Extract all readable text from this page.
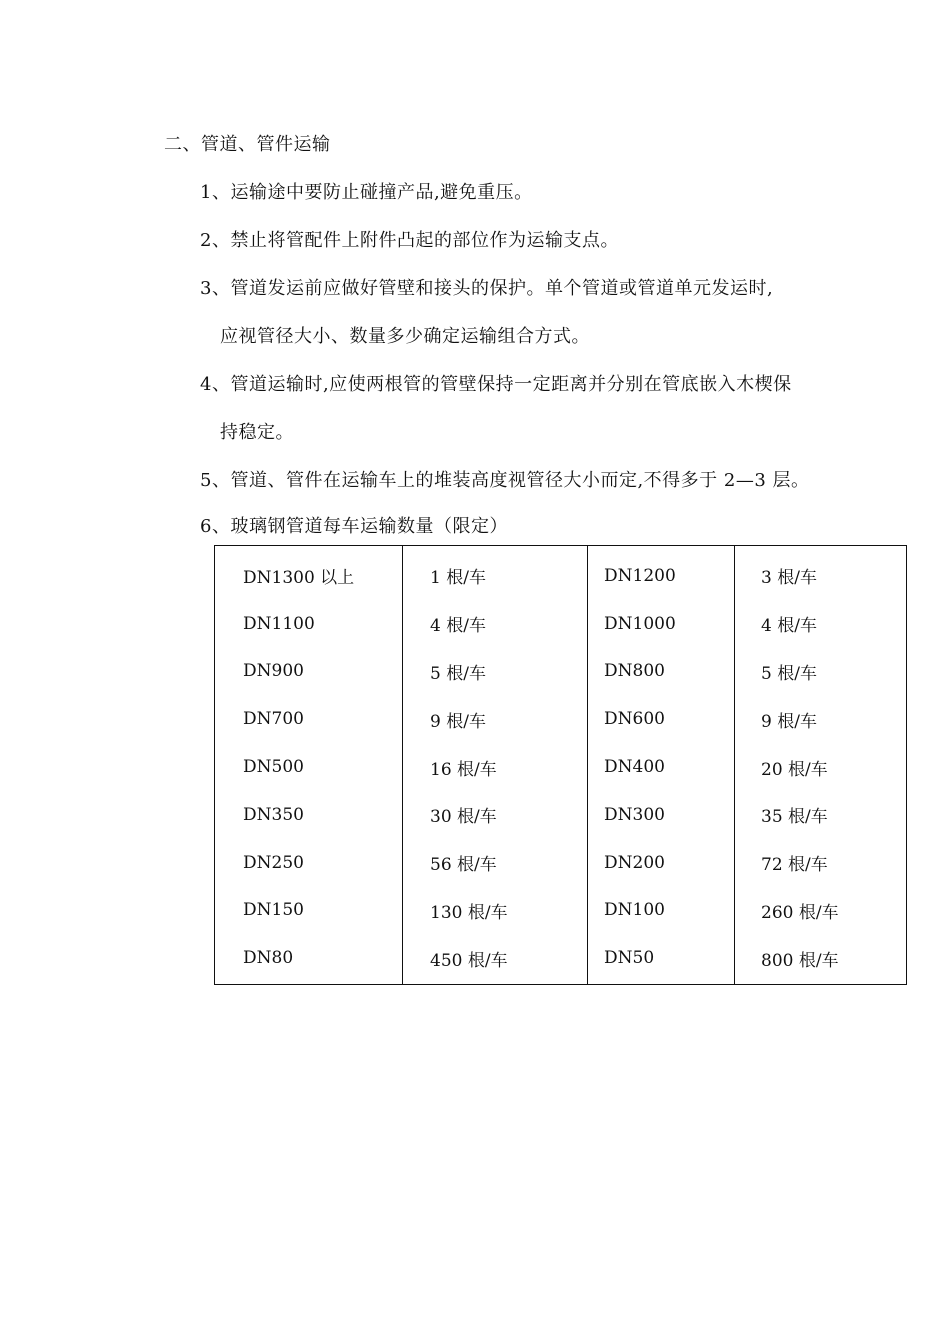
二、管道、管件运输
1、运输途中要防止碰撞产品,避免重压。
2、禁止将管配件上附件凸起的部位作为运输支点。
3、管道发运前应做好管壁和接头的保护。单个管道或管道单元发运时,
应视管径大小、数量多少确定运输组合方式。
4、管道运输时,应使两根管的管壁保持一定距离并分别在管底嵌入木楔保
持稳定。
5、管道、管件在运输车上的堆装高度视管径大小而定,不得多于 2—3 层。
6、玻璃钢管道每车运输数量（限定）
DN1300 以上	1 根/车	DN1200	3 根/车
DN1100	4 根/车	DN1000	4 根/车
DN900	5 根/车	DN800	5 根/车
DN700	9 根/车	DN600	9 根/车
DN500	16 根/车	DN400	20 根/车
DN350	30 根/车	DN300	35 根/车
DN250	56 根/车	DN200	72 根/车
DN150	130 根/车	DN100	260 根/车
DN80	450 根/车	DN50	800 根/车
